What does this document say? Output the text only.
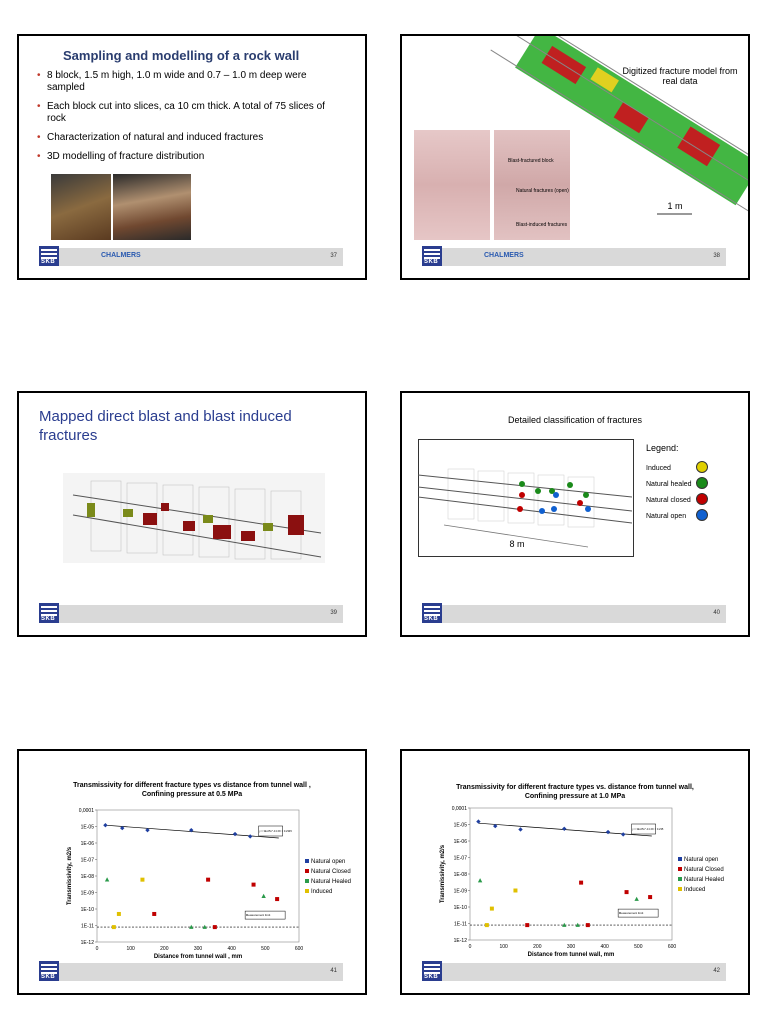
Sampling and modelling of a rock wall
• 8 block, 1.5 m high, 1.0 m wide and 0.7 – 1.0 m deep were sampled
• Each block cut into slices, ca 10 cm thick. A total of 75 slices of rock
• Characterization of natural and induced fractures
• 3D modelling of fracture distribution
SKB
CHALMERS	37
Digitized fracture model from real data
1 m
Blast-fractured block
Natural fractures (open)
Blast-induced fractures
SKB
CHALMERS	38
Mapped direct blast and blast induced fractures
SKB
39
Detailed classification of fractures
8 m
Legend:
Induced
Natural healed
Natural closed
Natural open
SKB
40
Transmissivity for different fracture types vs distance from tunnel wall , Confining pressure at 0.5 MPa
0,0001
1E-05
1E-06
1E-07
1E-08
1E-09
1E-10
1E-11
1E-12
0	100	200	300	400	500	600
Distance from tunnel wall , mm
Transmissivity, m2/s
y = 3E-05x^-0.4 R² = 0.2345
Measurement limit
Natural open
Natural Closed
Natural Healed
Induced
SKB
41
Transmissivity for different fracture types vs. distance from tunnel wall, Confining pressure at 1.0 MPa
0,0001
1E-05
1E-06
1E-07
1E-08
1E-09
1E-10
1E-11
1E-12
0	100	200	300	400	500	600
Distance from tunnel wall, mm
Transmissivity, m2/s
y = 3E-05x^-0.4 R² = 0.235
Measurement limit
Natural open
Natural Closed
Natural Healed
Induced
SKB
42
